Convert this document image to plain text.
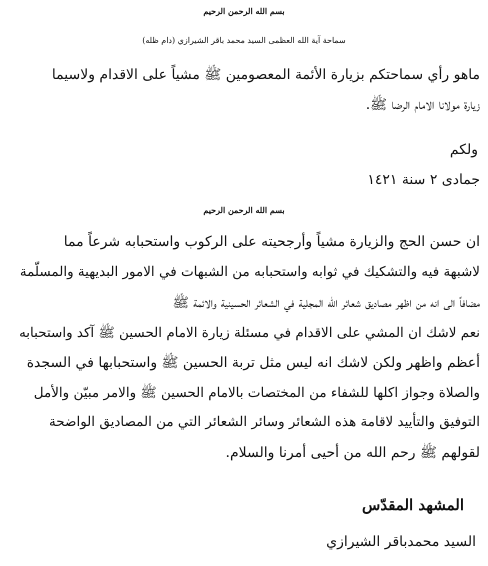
بسم الله الرحمن الرحيم
سماحة آية الله العظمى السيد محمد باقر الشيرازي (دام ظله)
ماهو رأي سماحتكم بزيارة الأئمة المعصومين ﷺ مشياً على الاقدام ولاسيما
زيارة مولانا الامام الرضا ﷺ.
ولكم
جمادى ٢ سنة ١٤٢١
بسم الله الرحمن الرحيم
ان حسن الحج والزيارة مشياً وأرجحيته على الركوب واستحبابه شرعاً مما
لاشبهة فيه والتشكيك في ثوابه واستحبابه من الشبهات في الامور البديهية والمسلّمة
مضافاً الى انه من اظهر مصاديق شعائر الله المجلية في الشعائر الحسينية والائمة ﷺ
نعم لاشك ان المشي على الاقدام في مسئلة زيارة الامام الحسين ﷺ آكد واستحبابه
أعظم واظهر ولكن لاشك انه ليس مثل تربة الحسين ﷺ واستحبابها في السجدة
والصلاة وجواز اكلها للشفاء من المختصات بالامام الحسين ﷺ والامر مبيّن والأمل
التوفيق والتأييد لاقامة هذه الشعائر وسائر الشعائر التي من المصاديق الواضحة
لقولهم ﷺ رحم الله من أحيى أمرنا والسلام.
المشهد المقدّس
السيد محمدباقر الشيرازي
